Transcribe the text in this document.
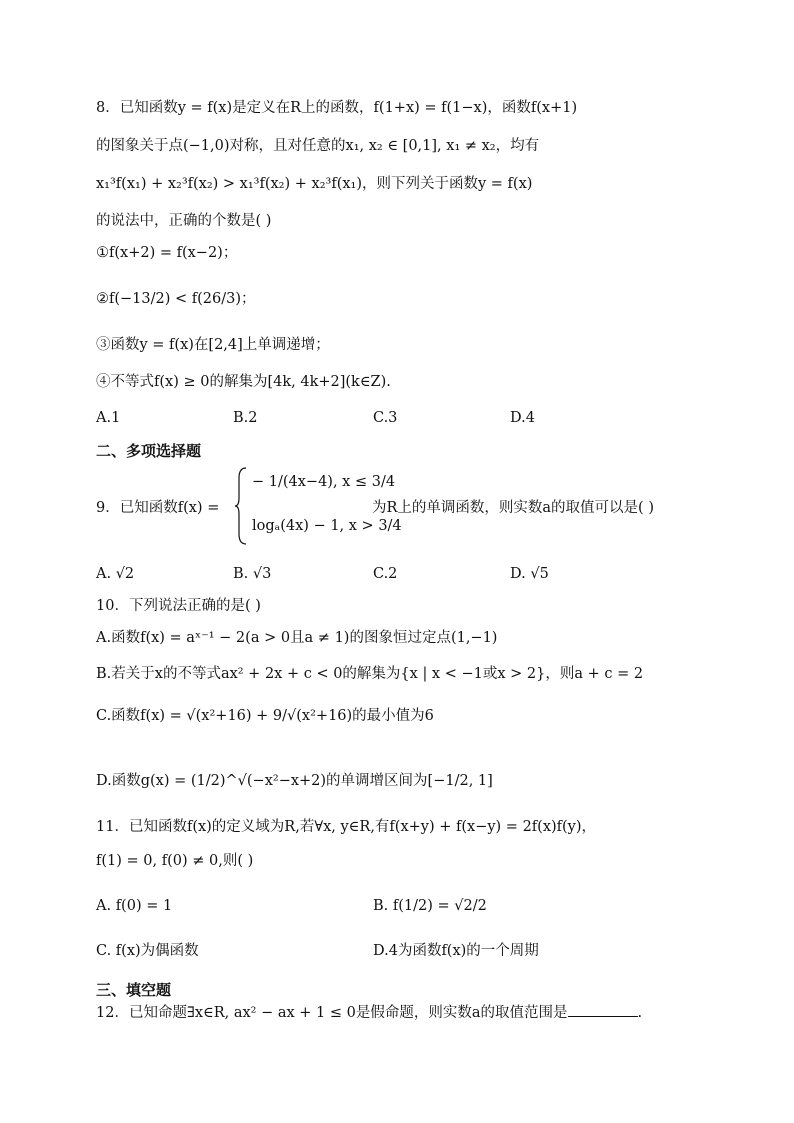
8．已知函数y = f(x)是定义在R上的函数，f(1+x) = f(1−x)，函数f(x+1)
的图象关于点(−1,0)对称，且对任意的x₁, x₂ ∈ [0,1], x₁ ≠ x₂，均有
x₁³f(x₁) + x₂³f(x₂) > x₁³f(x₂) + x₂³f(x₁)，则下列关于函数y = f(x)
的说法中，正确的个数是( )
①f(x+2) = f(x−2)；
②f(−13/2) < f(26/3)；
③函数y = f(x)在[2,4]上单调递增；
④不等式f(x) ≥ 0的解集为[4k, 4k+2](k∈Z).
A.1	B.2	C.3	D.4
二、多项选择题
9．已知函数f(x) =
− 1/(4x−4), x ≤ 3/4
logₐ(4x) − 1, x > 3/4
为R上的单调函数，则实数a的取值可以是( )
A. √2	B. √3	C.2	D. √5
10．下列说法正确的是( )
A.函数f(x) = aˣ⁻¹ − 2(a > 0且a ≠ 1)的图象恒过定点(1,−1)
B.若关于x的不等式ax² + 2x + c < 0的解集为{x | x < −1或x > 2}，则a + c = 2
C.函数f(x) = √(x²+16) + 9/√(x²+16)的最小值为6
D.函数g(x) = (1/2)^√(−x²−x+2)的单调增区间为[−1/2, 1]
11．已知函数f(x)的定义域为R,若∀x, y∈R,有f(x+y) + f(x−y) = 2f(x)f(y)，
f(1) = 0, f(0) ≠ 0,则( )
A. f(0) = 1	B. f(1/2) = √2/2
C. f(x)为偶函数	D.4为函数f(x)的一个周期
三、填空题
12．已知命题∃x∈R, ax² − ax + 1 ≤ 0是假命题，则实数a的取值范围是	.
